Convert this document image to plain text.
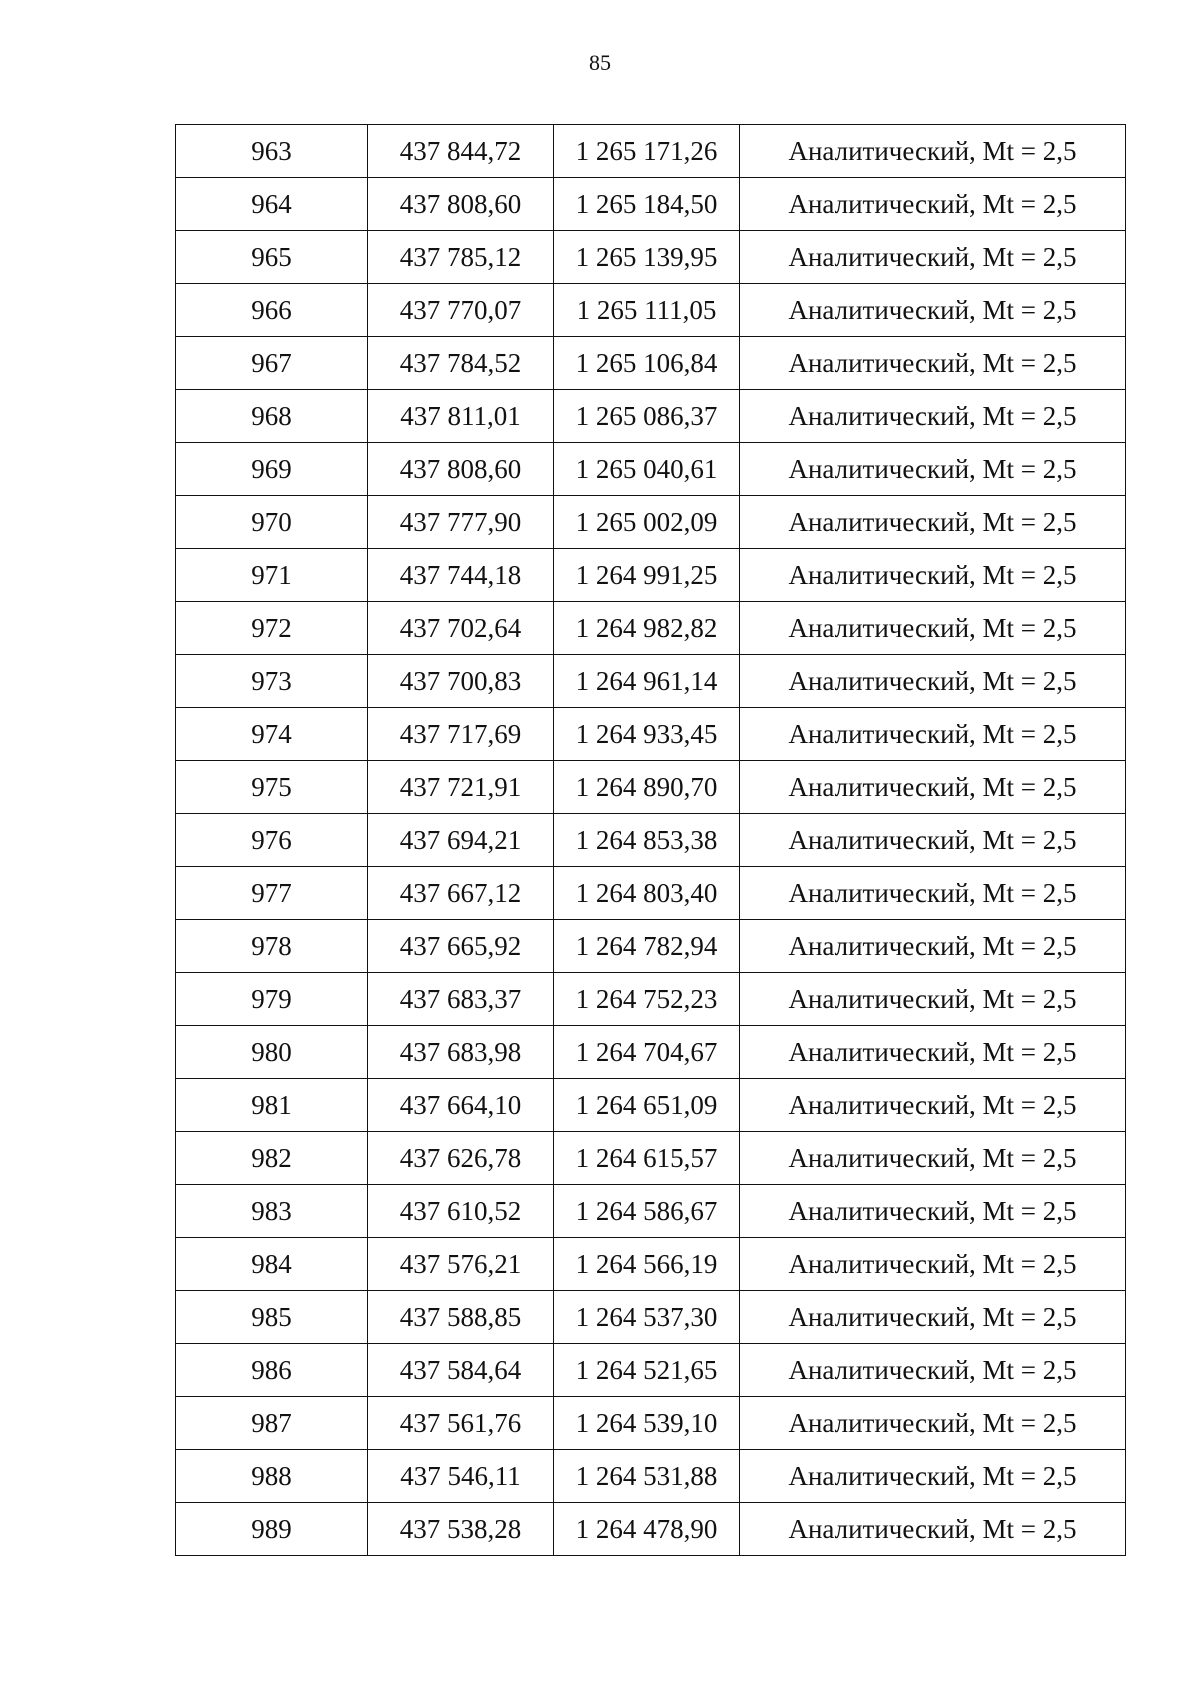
85
963	437 844,72	1 265 171,26	Аналитический, Mt = 2,5
964	437 808,60	1 265 184,50	Аналитический, Mt = 2,5
965	437 785,12	1 265 139,95	Аналитический, Mt = 2,5
966	437 770,07	1 265 111,05	Аналитический, Mt = 2,5
967	437 784,52	1 265 106,84	Аналитический, Mt = 2,5
968	437 811,01	1 265 086,37	Аналитический, Mt = 2,5
969	437 808,60	1 265 040,61	Аналитический, Mt = 2,5
970	437 777,90	1 265 002,09	Аналитический, Mt = 2,5
971	437 744,18	1 264 991,25	Аналитический, Mt = 2,5
972	437 702,64	1 264 982,82	Аналитический, Mt = 2,5
973	437 700,83	1 264 961,14	Аналитический, Mt = 2,5
974	437 717,69	1 264 933,45	Аналитический, Mt = 2,5
975	437 721,91	1 264 890,70	Аналитический, Mt = 2,5
976	437 694,21	1 264 853,38	Аналитический, Mt = 2,5
977	437 667,12	1 264 803,40	Аналитический, Mt = 2,5
978	437 665,92	1 264 782,94	Аналитический, Mt = 2,5
979	437 683,37	1 264 752,23	Аналитический, Mt = 2,5
980	437 683,98	1 264 704,67	Аналитический, Mt = 2,5
981	437 664,10	1 264 651,09	Аналитический, Mt = 2,5
982	437 626,78	1 264 615,57	Аналитический, Mt = 2,5
983	437 610,52	1 264 586,67	Аналитический, Mt = 2,5
984	437 576,21	1 264 566,19	Аналитический, Mt = 2,5
985	437 588,85	1 264 537,30	Аналитический, Mt = 2,5
986	437 584,64	1 264 521,65	Аналитический, Mt = 2,5
987	437 561,76	1 264 539,10	Аналитический, Mt = 2,5
988	437 546,11	1 264 531,88	Аналитический, Mt = 2,5
989	437 538,28	1 264 478,90	Аналитический, Mt = 2,5
